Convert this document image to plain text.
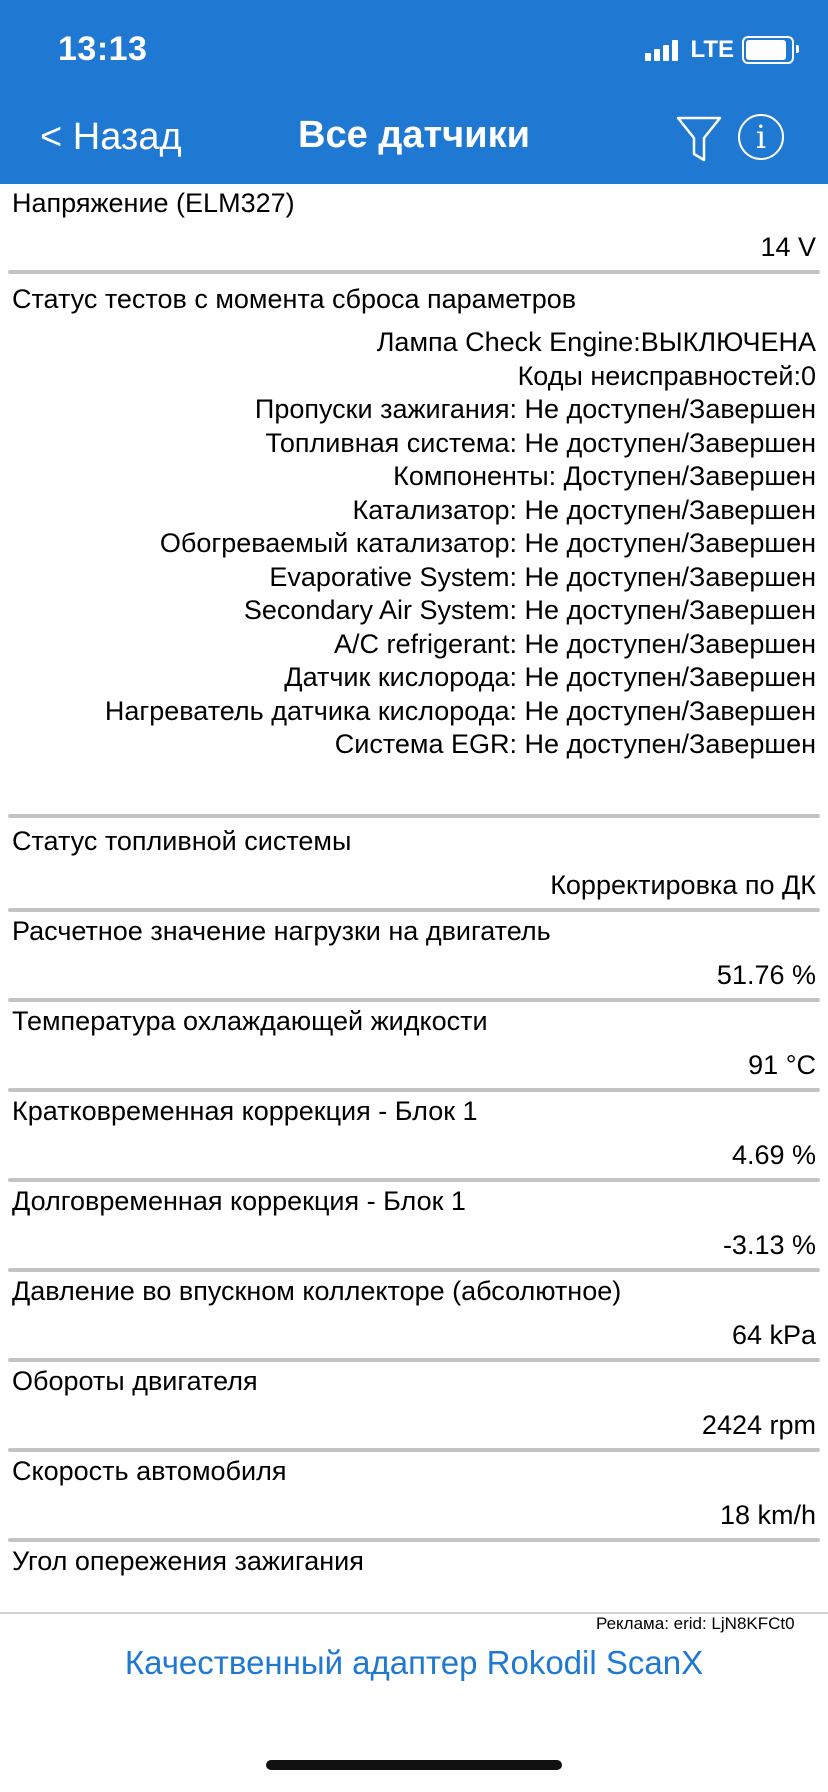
13:13	LTE
< Назад	Все датчики	i
Напряжение (ELM327)
14 V
Статус тестов с момента сброса параметров
Лампа Check Engine:ВЫКЛЮЧЕНА
Коды неисправностей:0
Пропуски зажигания: Не доступен/Завершен
Топливная система: Не доступен/Завершен
Компоненты: Доступен/Завершен
Катализатор: Не доступен/Завершен
Обогреваемый катализатор: Не доступен/Завершен
Evaporative System: Не доступен/Завершен
Secondary Air System: Не доступен/Завершен
A/C refrigerant: Не доступен/Завершен
Датчик кислорода: Не доступен/Завершен
Нагреватель датчика кислорода: Не доступен/Завершен
Система EGR: Не доступен/Завершен
Статус топливной системы
Корректировка по ДК
Расчетное значение нагрузки на двигатель
51.76 %
Температура охлаждающей жидкости
91 °C
Кратковременная коррекция - Блок 1
4.69 %
Долговременная коррекция - Блок 1
-3.13 %
Давление во впускном коллекторе (абсолютное)
64 kPa
Обороты двигателя
2424 rpm
Скорость автомобиля
18 km/h
Угол опережения зажигания
Реклама: erid: LjN8KFCt0
Качественный адаптер Rokodil ScanX
